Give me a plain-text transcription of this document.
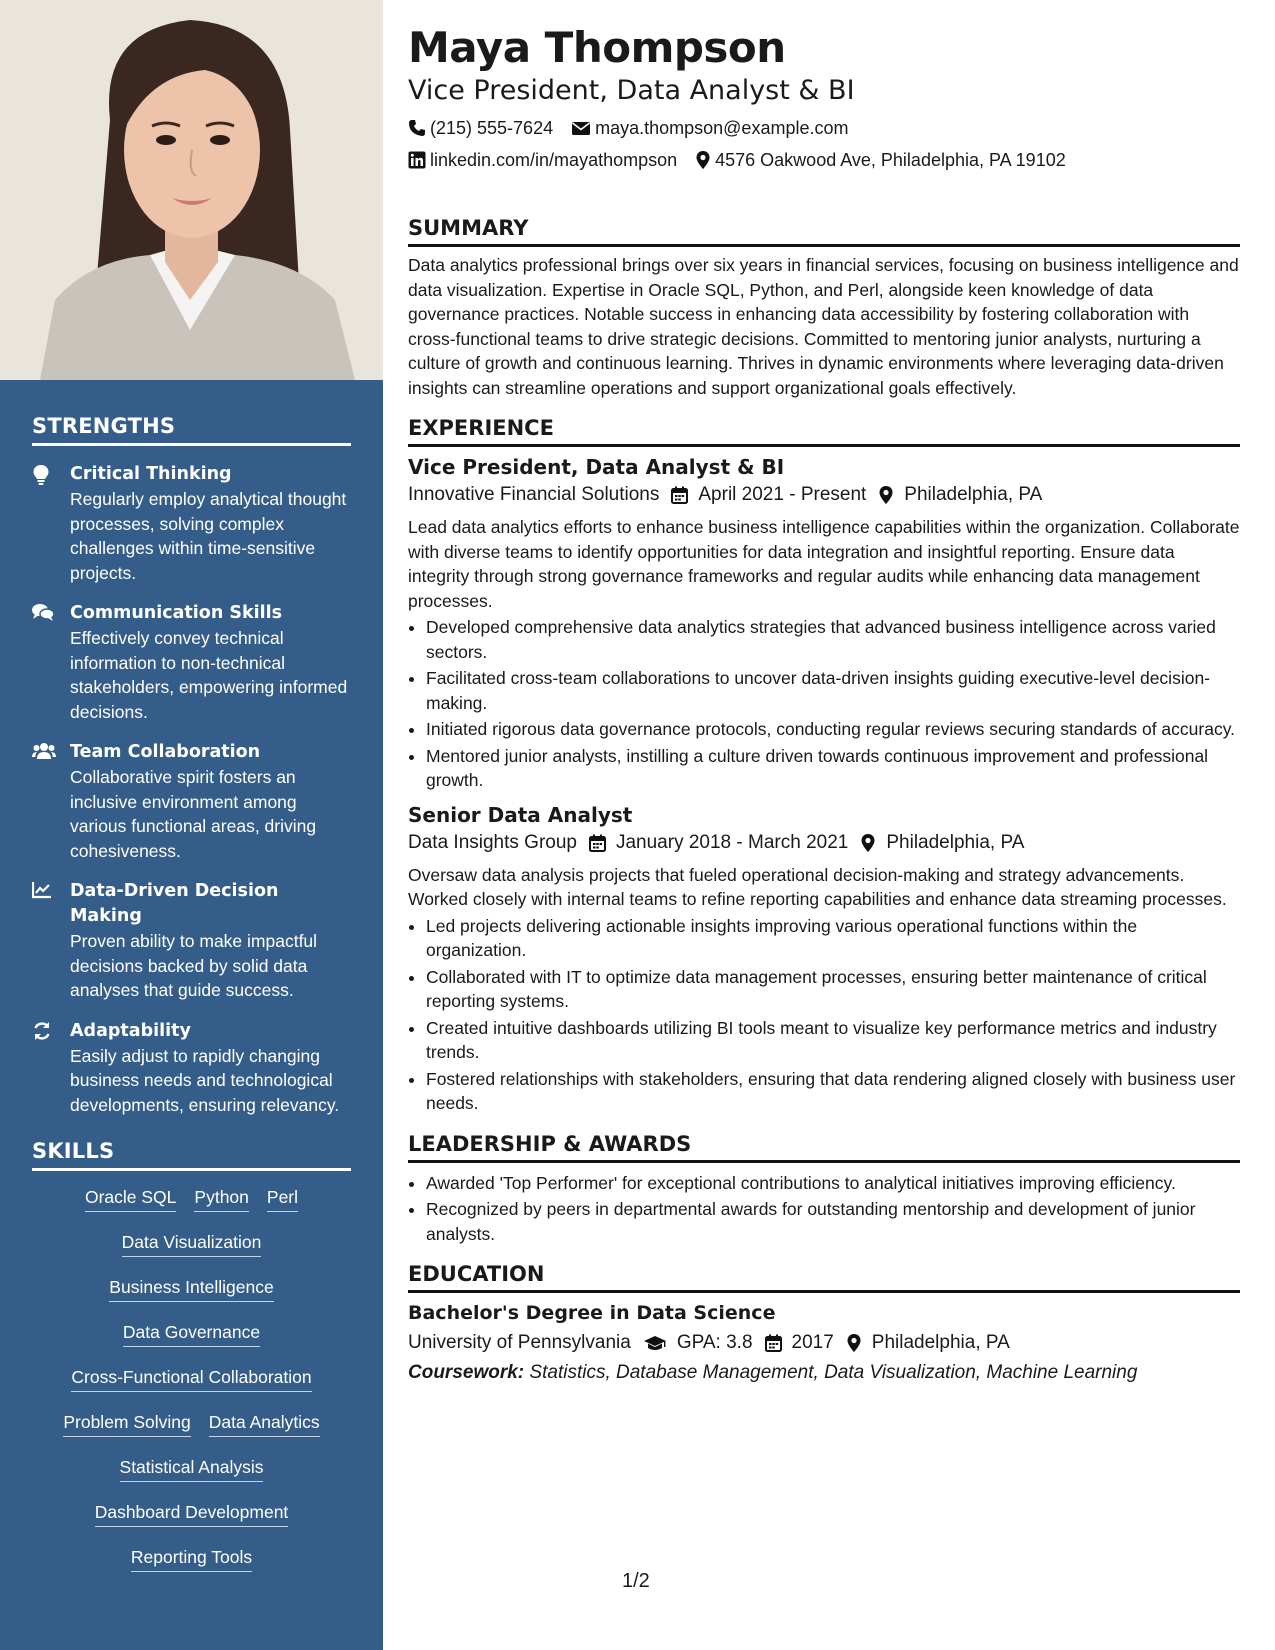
STRENGTHS
Critical Thinking
Regularly employ analytical thought processes, solving complex challenges within time-sensitive projects.
Communication Skills
Effectively convey technical information to non-technical stakeholders, empowering informed decisions.
Team Collaboration
Collaborative spirit fosters an inclusive environment among various functional areas, driving cohesiveness.
Data-Driven Decision Making
Proven ability to make impactful decisions backed by solid data analyses that guide success.
Adaptability
Easily adjust to rapidly changing business needs and technological developments, ensuring relevancy.
SKILLS
Oracle SQL Python Perl
Data Visualization
Business Intelligence
Data Governance
Cross-Functional Collaboration
Problem Solving Data Analytics
Statistical Analysis
Dashboard Development
Reporting Tools
Maya Thompson
Vice President, Data Analyst & BI
(215) 555-7624 maya.thompson@example.com
linkedin.com/in/mayathompson 4576 Oakwood Ave, Philadelphia, PA 19102
SUMMARY
Data analytics professional brings over six years in financial services, focusing on business intelligence and data visualization. Expertise in Oracle SQL, Python, and Perl, alongside keen knowledge of data governance practices. Notable success in enhancing data accessibility by fostering collaboration with cross-functional teams to drive strategic decisions. Committed to mentoring junior analysts, nurturing a culture of growth and continuous learning. Thrives in dynamic environments where leveraging data-driven insights can streamline operations and support organizational goals effectively.
EXPERIENCE
Vice President, Data Analyst & BI
Innovative Financial Solutions April 2021 - Present Philadelphia, PA
Lead data analytics efforts to enhance business intelligence capabilities within the organization. Collaborate with diverse teams to identify opportunities for data integration and insightful reporting. Ensure data integrity through strong governance frameworks and regular audits while enhancing data management processes.
• Developed comprehensive data analytics strategies that advanced business intelligence across varied sectors.
• Facilitated cross-team collaborations to uncover data-driven insights guiding executive-level decision-making.
• Initiated rigorous data governance protocols, conducting regular reviews securing standards of accuracy.
• Mentored junior analysts, instilling a culture driven towards continuous improvement and professional growth.
Senior Data Analyst
Data Insights Group January 2018 - March 2021 Philadelphia, PA
Oversaw data analysis projects that fueled operational decision-making and strategy advancements. Worked closely with internal teams to refine reporting capabilities and enhance data streaming processes.
• Led projects delivering actionable insights improving various operational functions within the organization.
• Collaborated with IT to optimize data management processes, ensuring better maintenance of critical reporting systems.
• Created intuitive dashboards utilizing BI tools meant to visualize key performance metrics and industry trends.
• Fostered relationships with stakeholders, ensuring that data rendering aligned closely with business user needs.
LEADERSHIP & AWARDS
• Awarded 'Top Performer' for exceptional contributions to analytical initiatives improving efficiency.
• Recognized by peers in departmental awards for outstanding mentorship and development of junior analysts.
EDUCATION
Bachelor's Degree in Data Science
University of Pennsylvania GPA: 3.8 2017 Philadelphia, PA
Coursework: Statistics, Database Management, Data Visualization, Machine Learning
1/2
